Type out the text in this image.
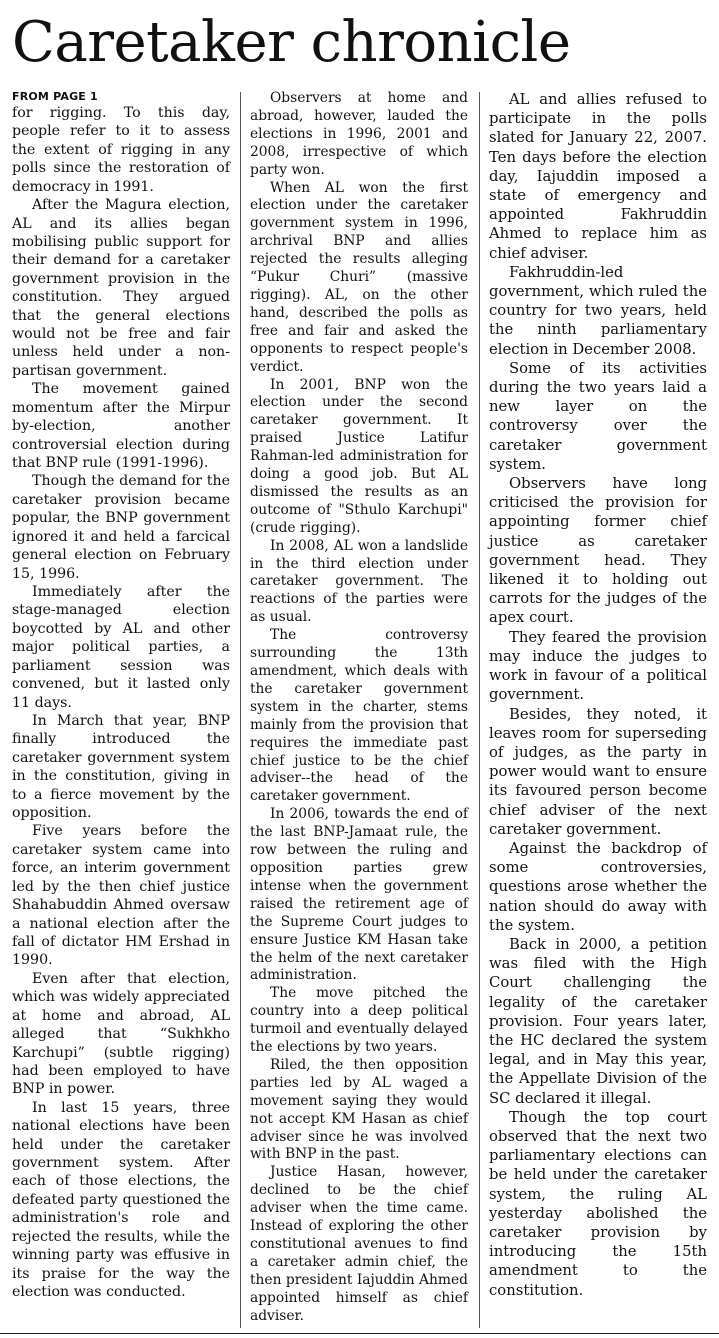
Caretaker chronicle
FROM PAGE 1

for rigging. To this day, people refer to it to assess the extent of rigging in any polls since the restoration of democracy in 1991.

After the Magura election, AL and its allies began mobilising public support for their demand for a caretaker government provision in the constitution. They argued that the general elections would not be free and fair unless held under a non-partisan government.

The movement gained momentum after the Mirpur by-election, another controversial election during that BNP rule (1991-1996).

Though the demand for the caretaker provision became popular, the BNP government ignored it and held a farcical general election on February 15, 1996.

Immediately after the stage-managed election boycotted by AL and other major political parties, a parliament session was convened, but it lasted only 11 days.

In March that year, BNP finally introduced the caretaker government system in the constitution, giving in to a fierce movement by the opposition.

Five years before the caretaker system came into force, an interim government led by the then chief justice Shahabuddin Ahmed oversaw a national election after the fall of dictator HM Ershad in 1990.

Even after that election, which was widely appreciated at home and abroad, AL alleged that “Sukhkho Karchupi” (subtle rigging) had been employed to have BNP in power.

In last 15 years, three national elections have been held under the caretaker government system. After each of those elections, the defeated party questioned the administration's role and rejected the results, while the winning party was effusive in its praise for the way the election was conducted.

Observers at home and abroad, however, lauded the elections in 1996, 2001 and 2008, irrespective of which party won.

When AL won the first election under the caretaker government system in 1996, archrival BNP and allies rejected the results alleging “Pukur Churi” (massive rigging). AL, on the other hand, described the polls as free and fair and asked the opponents to respect people's verdict.

In 2001, BNP won the election under the second caretaker government. It praised Justice Latifur Rahman-led administration for doing a good job. But AL dismissed the results as an outcome of "Sthulo Karchupi" (crude rigging).

In 2008, AL won a landslide in the third election under caretaker government. The reactions of the parties were as usual.

The controversy surrounding the 13th amendment, which deals with the caretaker government system in the charter, stems mainly from the provision that requires the immediate past chief justice to be the chief adviser--the head of the caretaker government.

In 2006, towards the end of the last BNP-Jamaat rule, the row between the ruling and opposition parties grew intense when the government raised the retirement age of the Supreme Court judges to ensure Justice KM Hasan take the helm of the next caretaker administration.

The move pitched the country into a deep political turmoil and eventually delayed the elections by two years.

Riled, the then opposition parties led by AL waged a movement saying they would not accept KM Hasan as chief adviser since he was involved with BNP in the past.

Justice Hasan, however, declined to be the chief adviser when the time came. Instead of exploring the other constitutional avenues to find a caretaker admin chief, the then president Iajuddin Ahmed appointed himself as chief adviser.

AL and allies refused to participate in the polls slated for January 22, 2007. Ten days before the election day, Iajuddin imposed a state of emergency and appointed Fakhruddin Ahmed to replace him as chief adviser.

Fakhruddin-led government, which ruled the country for two years, held the ninth parliamentary election in December 2008.

Some of its activities during the two years laid a new layer on the controversy over the caretaker government system.

Observers have long criticised the provision for appointing former chief justice as caretaker government head. They likened it to holding out carrots for the judges of the apex court.

They feared the provision may induce the judges to work in favour of a political government.

Besides, they noted, it leaves room for superseding of judges, as the party in power would want to ensure its favoured person become chief adviser of the next caretaker government.

Against the backdrop of some controversies, questions arose whether the nation should do away with the system.

Back in 2000, a petition was filed with the High Court challenging the legality of the caretaker provision. Four years later, the HC declared the system legal, and in May this year, the Appellate Division of the SC declared it illegal.

Though the top court observed that the next two parliamentary elections can be held under the caretaker system, the ruling AL yesterday abolished the caretaker provision by introducing the 15th amendment to the constitution.
